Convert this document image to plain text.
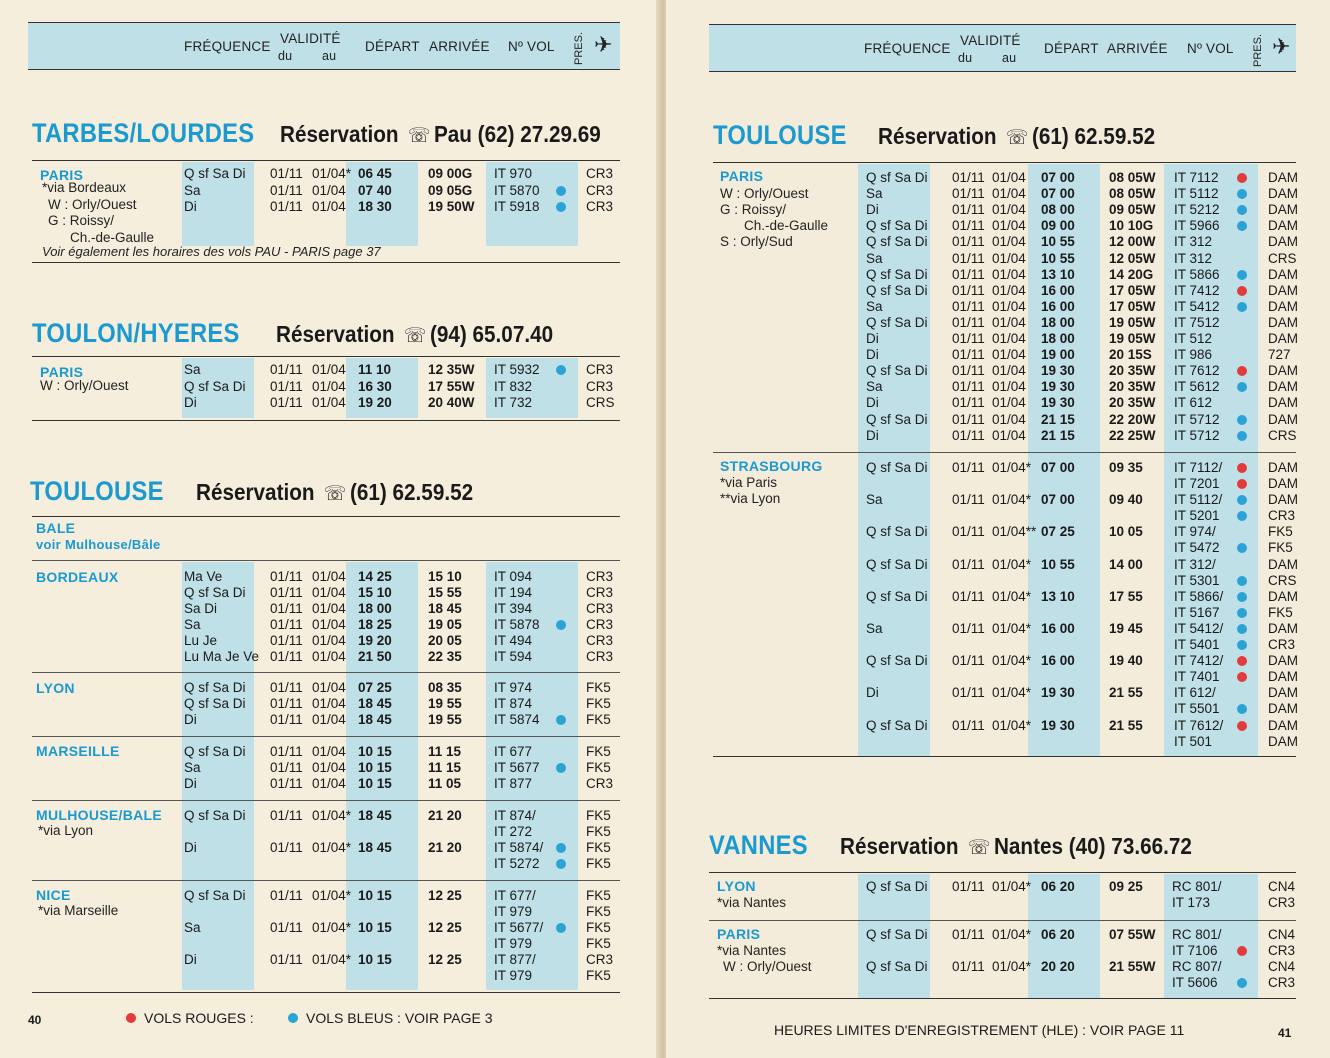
FRÉQUENCE
VALIDITÉ
du au
DÉPART ARRIVÉE Nº VOL PRES. ✈
TARBES/LOURDES Réservation ☏ Pau (62) 27.29.69
PARIS
*via Bordeaux
W : Orly/Ouest
G : Roissy/
Ch.-de-Gaulle
Q sf Sa Di 01/11 01/04* 06 45	09 00G IT 970	CR3
Sa	01/11 01/04 07 40	09 05G IT 5870	CR3
Di	01/11 01/04 18 30	19 50W IT 5918	CR3
Voir également les horaires des vols PAU - PARIS page 37
TOULON/HYERES Réservation ☏ (94) 65.07.40
PARIS
W : Orly/Ouest
Sa	01/11 01/04 11 10	12 35W IT 5932	CR3
Q sf Sa Di 01/11 01/04 16 30	17 55W IT 832	CR3
Di	01/11 01/04 19 20	20 40W IT 732	CRS
TOULOUSE Réservation ☏ (61) 62.59.52
BALE
voir Mulhouse/Bâle
BORDEAUX	Ma Ve	01/11 01/04 14 25	15 10 IT 094	CR3
Q sf Sa Di 01/11 01/04 15 10	15 55 IT 194	CR3
Sa Di	01/11 01/04 18 00	18 45 IT 394	CR3
Sa	01/11 01/04 18 25	19 05 IT 5878	CR3
Lu Je	01/11 01/04 19 20	20 05 IT 494	CR3
Lu Ma Je Ve 01/11 01/04 21 50	22 35 IT 594	CR3
LYON	Q sf Sa Di 01/11 01/04 07 25	08 35 IT 974	FK5
Q sf Sa Di 01/11 01/04 18 45	19 55 IT 874	FK5
Di	01/11 01/04 18 45	19 55 IT 5874	FK5
MARSEILLE	Q sf Sa Di 01/11 01/04 10 15	11 15 IT 677	FK5
Sa	01/11 01/04 10 15	11 15 IT 5677	FK5
Di	01/11 01/04 10 15	11 05 IT 877	CR3
MULHOUSE/BALE
*via Lyon
Q sf Sa Di 01/11 01/04* 18 45	21 20 IT 874/	FK5
IT 272	FK5
Di	01/11 01/04* 18 45	21 20 IT 5874/	FK5
IT 5272	FK5
NICE
*via Marseille
Q sf Sa Di 01/11 01/04* 10 15	12 25 IT 677/	FK5
IT 979	FK5
Sa	01/11 01/04* 10 15	12 25 IT 5677/	FK5
IT 979	FK5
Di	01/11 01/04* 10 15	12 25 IT 877/	CR3
IT 979	FK5
40	VOLS ROUGES :	VOLS BLEUS : VOIR PAGE 3
FRÉQUENCE
VALIDITÉ
du au
DÉPART ARRIVÉE Nº VOL PRES. ✈
TOULOUSE Réservation ☏ (61) 62.59.52
PARIS
W : Orly/Ouest
G : Roissy/
Ch.-de-Gaulle
S : Orly/Sud
Q sf Sa Di 01/11 01/04 07 00	08 05W IT 7112	DAM
Sa	01/11 01/04 07 00	08 05W IT 5112	DAM
Di	01/11 01/04 08 00	09 05W IT 5212	DAM
Q sf Sa Di 01/11 01/04 09 00	10 10G IT 5966	DAM
Q sf Sa Di 01/11 01/04 10 55	12 00W IT 312	DAM
Sa	01/11 01/04 10 55	12 05W IT 312	CRS
Q sf Sa Di 01/11 01/04 13 10	14 20G IT 5866	DAM
Q sf Sa Di 01/11 01/04 16 00	17 05W IT 7412	DAM
Sa	01/11 01/04 16 00	17 05W IT 5412	DAM
Q sf Sa Di 01/11 01/04 18 00	19 05W IT 7512	DAM
Di	01/11 01/04 18 00	19 05W IT 512	DAM
Di	01/11 01/04 19 00	20 15S IT 986	727
Q sf Sa Di 01/11 01/04 19 30	20 35W IT 7612	DAM
Sa	01/11 01/04 19 30	20 35W IT 5612	DAM
Di	01/11 01/04 19 30	20 35W IT 612	DAM
Q sf Sa Di 01/11 01/04 21 15	22 20W IT 5712	DAM
Di	01/11 01/04 21 15	22 25W IT 5712	CRS
STRASBOURG
*via Paris
**via Lyon
Q sf Sa Di 01/11 01/04* 07 00	09 35 IT 7112/	DAM
IT 7201	DAM
Sa	01/11 01/04* 07 00	09 40 IT 5112/	DAM
IT 5201	CR3
Q sf Sa Di 01/11 01/04** 07 25	10 05 IT 974/	FK5
IT 5472	FK5
Q sf Sa Di 01/11 01/04* 10 55	14 00 IT 312/	DAM
IT 5301	CRS
Q sf Sa Di 01/11 01/04* 13 10	17 55 IT 5866/	DAM
IT 5167	FK5
Sa	01/11 01/04* 16 00	19 45 IT 5412/	DAM
IT 5401	CR3
Q sf Sa Di 01/11 01/04* 16 00	19 40 IT 7412/	DAM
IT 7401	DAM
Di	01/11 01/04* 19 30	21 55 IT 612/	DAM
IT 5501	DAM
Q sf Sa Di 01/11 01/04* 19 30	21 55 IT 7612/	DAM
IT 501	DAM
VANNES Réservation ☏ Nantes (40) 73.66.72
LYON
*via Nantes
Q sf Sa Di 01/11 01/04* 06 20	09 25 RC 801/	CN4
IT 173	CR3
PARIS
*via Nantes
W : Orly/Ouest
Q sf Sa Di 01/11 01/04* 06 20	07 55W RC 801/	CN4
IT 7106	CR3
Q sf Sa Di 01/11 01/04* 20 20	21 55W RC 807/	CN4
IT 5606	CR3
HEURES LIMITES D'ENREGISTREMENT (HLE) : VOIR PAGE 11	41
